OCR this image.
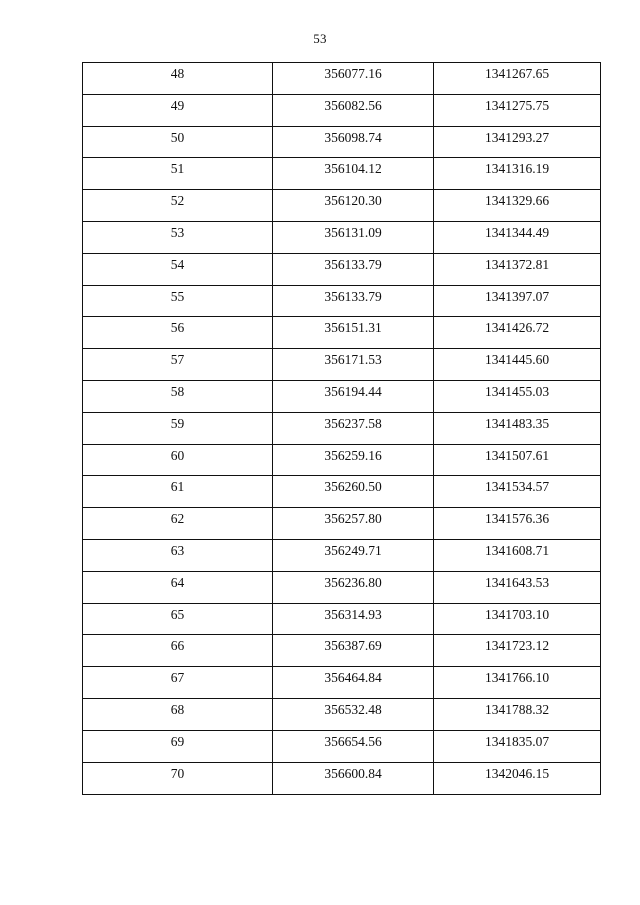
53
48	356077.16	1341267.65
49	356082.56	1341275.75
50	356098.74	1341293.27
51	356104.12	1341316.19
52	356120.30	1341329.66
53	356131.09	1341344.49
54	356133.79	1341372.81
55	356133.79	1341397.07
56	356151.31	1341426.72
57	356171.53	1341445.60
58	356194.44	1341455.03
59	356237.58	1341483.35
60	356259.16	1341507.61
61	356260.50	1341534.57
62	356257.80	1341576.36
63	356249.71	1341608.71
64	356236.80	1341643.53
65	356314.93	1341703.10
66	356387.69	1341723.12
67	356464.84	1341766.10
68	356532.48	1341788.32
69	356654.56	1341835.07
70	356600.84	1342046.15
